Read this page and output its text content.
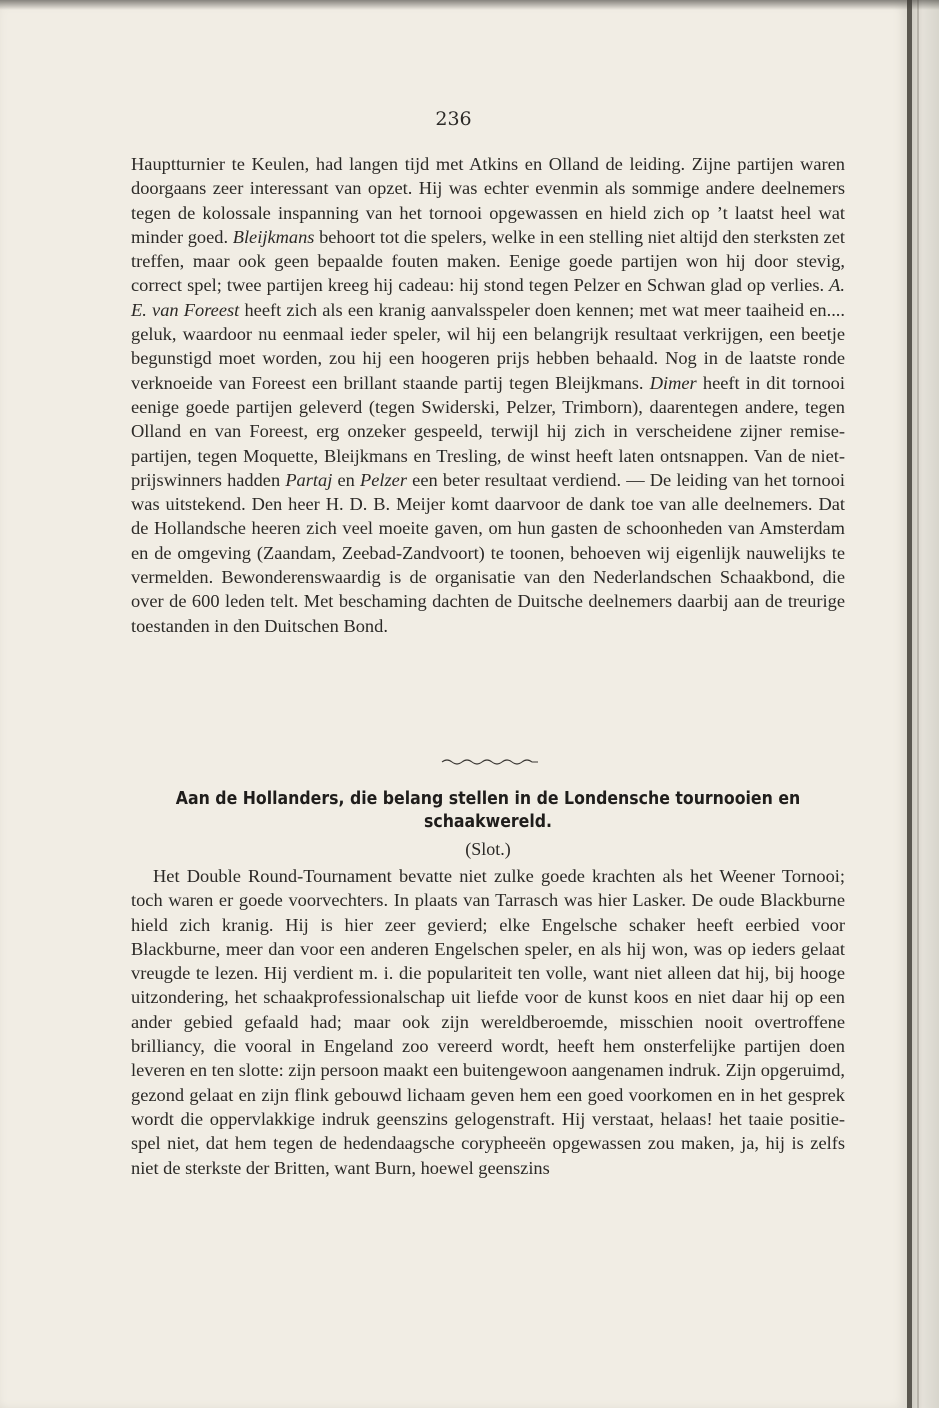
236

Hauptturnier te Keulen, had langen tijd met Atkins en Olland de leiding. Zijne partijen waren doorgaans zeer interessant van opzet. Hij was echter evenmin als sommige andere deelnemers tegen de kolossale inspanning van het tornooi opgewassen en hield zich op ’t laatst heel wat minder goed. Bleijkmans behoort tot die spelers, welke in een stelling niet altijd den sterksten zet treffen, maar ook geen bepaalde fouten maken. Eenige goede partijen won hij door stevig, correct spel; twee partijen kreeg hij cadeau: hij stond tegen Pelzer en Schwan glad op verlies. A. E. van Foreest heeft zich als een kranig aanvalsspeler doen kennen; met wat meer taaiheid en.... geluk, waardoor nu eenmaal ieder speler, wil hij een belangrijk resultaat verkrijgen, een beetje begunstigd moet worden, zou hij een hoogeren prijs hebben behaald. Nog in de laatste ronde verknoeide van Foreest een brillant staande partij tegen Bleijkmans. Dimer heeft in dit tornooi eenige goede partijen geleverd (tegen Swiderski, Pelzer, Trimborn), daarentegen andere, tegen Olland en van Foreest, erg onzeker gespeeld, terwijl hij zich in verscheidene zijner remise-partijen, tegen Moquette, Bleijkmans en Tresling, de winst heeft laten ontsnappen. Van de niet-prijswinners hadden Partaj en Pelzer een beter resultaat verdiend. — De leiding van het tornooi was uitstekend. Den heer H. D. B. Meijer komt daarvoor de dank toe van alle deelnemers. Dat de Hollandsche heeren zich veel moeite gaven, om hun gasten de schoonheden van Amsterdam en de omgeving (Zaandam, Zeebad-Zandvoort) te toonen, behoeven wij eigenlijk nauwelijks te vermelden. Bewonderenswaardig is de organisatie van den Nederlandschen Schaakbond, die over de 600 leden telt. Met beschaming dachten de Duitsche deelnemers daarbij aan de treurige toestanden in den Duitschen Bond.

Aan de Hollanders, die belang stellen in de Londensche tournooien en schaakwereld.

(Slot.)

Het Double Round-Tournament bevatte niet zulke goede krachten als het Weener Tornooi; toch waren er goede voorvechters. In plaats van Tarrasch was hier Lasker. De oude Blackburne hield zich kranig. Hij is hier zeer gevierd; elke Engelsche schaker heeft eerbied voor Blackburne, meer dan voor een anderen Engelschen speler, en als hij won, was op ieders gelaat vreugde te lezen. Hij verdient m. i. die populariteit ten volle, want niet alleen dat hij, bij hooge uitzondering, het schaakprofessionalschap uit liefde voor de kunst koos en niet daar hij op een ander gebied gefaald had; maar ook zijn wereldberoemde, misschien nooit overtroffene brilliancy, die vooral in Engeland zoo vereerd wordt, heeft hem onsterfelijke partijen doen leveren en ten slotte: zijn persoon maakt een buitengewoon aangenamen indruk. Zijn opgeruimd, gezond gelaat en zijn flink gebouwd lichaam geven hem een goed voorkomen en in het gesprek wordt die oppervlakkige indruk geenszins gelogenstraft. Hij verstaat, helaas! het taaie positie-spel niet, dat hem tegen de hedendaagsche corypheeën opgewassen zou maken, ja, hij is zelfs niet de sterkste der Britten, want Burn, hoewel geenszins
